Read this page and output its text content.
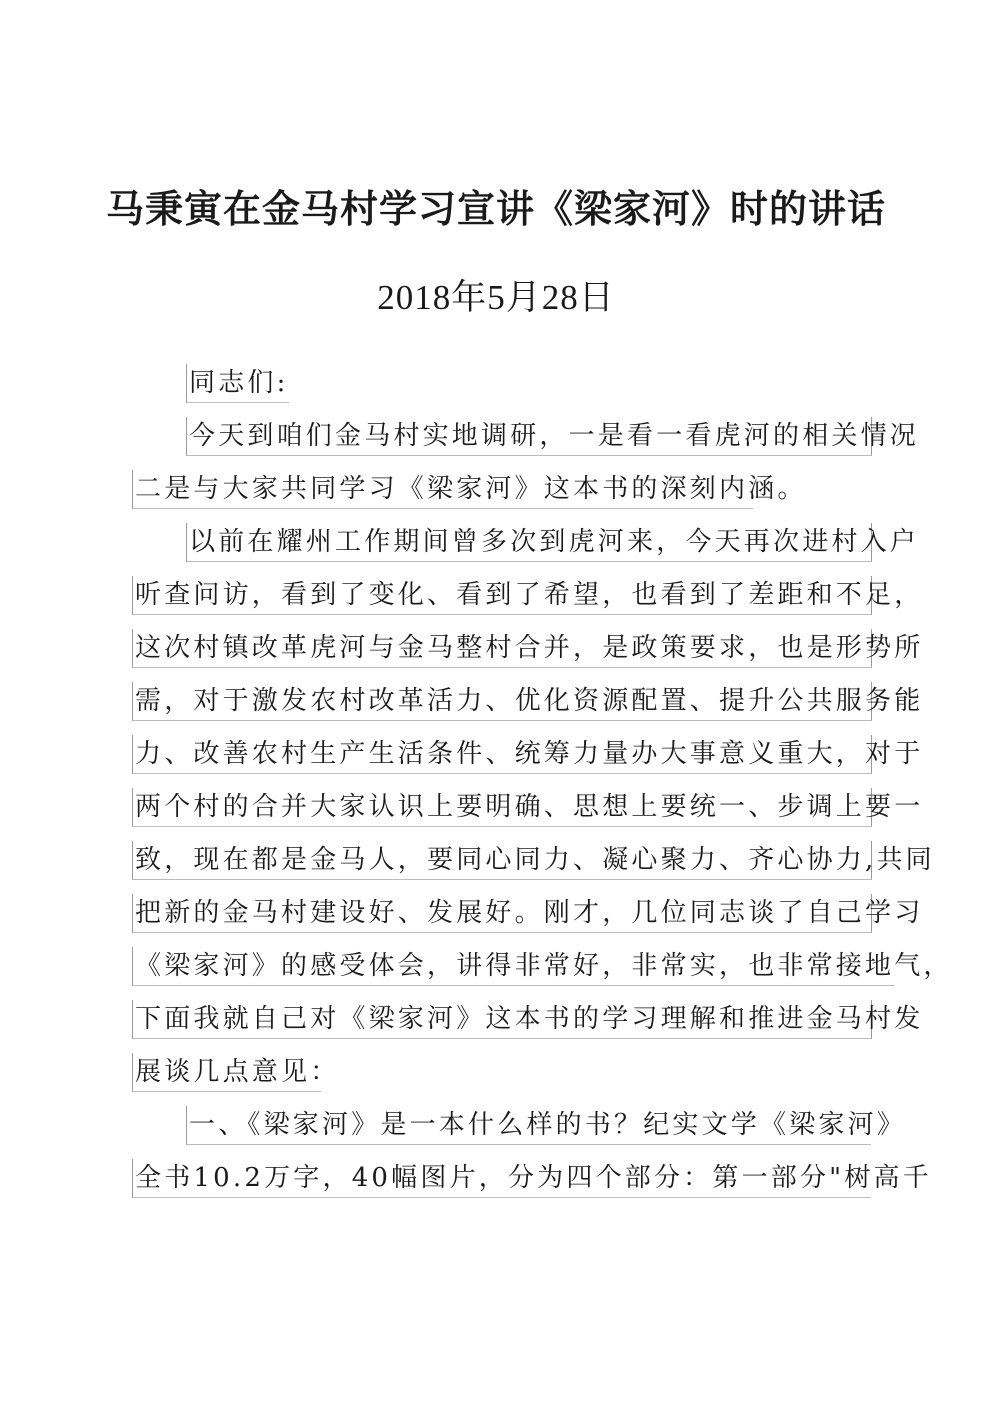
马秉寅在金马村学习宣讲《梁家河》时的讲话
2018年5月28日
同志们:
今天到咱们金马村实地调研，一是看一看虎河的相关情况
二是与大家共同学习《梁家河》这本书的深刻内涵。
以前在耀州工作期间曾多次到虎河来，今天再次进村入户
听查问访，看到了变化、看到了希望，也看到了差距和不足，
这次村镇改革虎河与金马整村合并，是政策要求，也是形势所
需，对于激发农村改革活力、优化资源配置、提升公共服务能
力、改善农村生产生活条件、统筹力量办大事意义重大，对于
两个村的合并大家认识上要明确、思想上要统一、步调上要一
致，现在都是金马人，要同心同力、凝心聚力、齐心协力,共同
把新的金马村建设好、发展好。刚才，几位同志谈了自己学习
《梁家河》的感受体会，讲得非常好，非常实，也非常接地气，
下面我就自己对《梁家河》这本书的学习理解和推进金马村发
展谈几点意见：
一、《梁家河》是一本什么样的书？纪实文学《梁家河》
全书10.2万字，40幅图片，分为四个部分：第一部分"树高千
